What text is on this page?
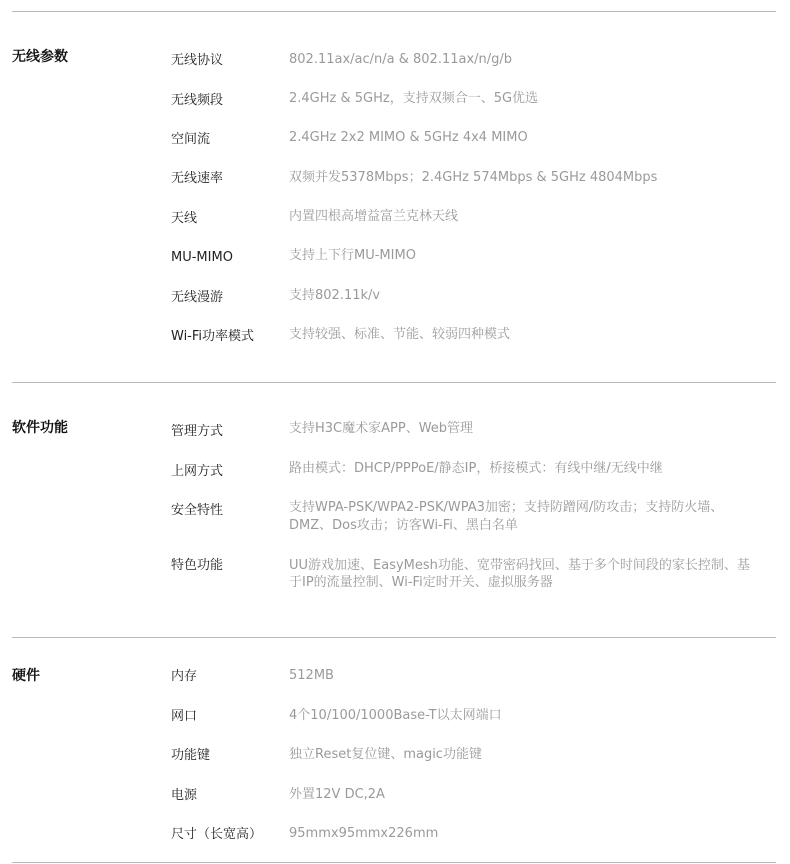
无线参数	无线协议	802.11ax/ac/n/a & 802.11ax/n/g/b
无线频段	2.4GHz & 5GHz，支持双频合一、5G优选
空间流	2.4GHz 2x2 MIMO & 5GHz 4x4 MIMO
无线速率	双频并发5378Mbps；2.4GHz 574Mbps & 5GHz 4804Mbps
天线	内置四根高增益富兰克林天线
MU-MIMO	支持上下行MU-MIMO
无线漫游	支持802.11k/v
Wi-Fi功率模式	支持较强、标准、节能、较弱四种模式
软件功能	管理方式	支持H3C魔术家APP、Web管理
上网方式	路由模式：DHCP/PPPoE/静态IP，桥接模式：有线中继/无线中继
安全特性	支持WPA-PSK/WPA2-PSK/WPA3加密；支持防蹭网/防攻击；支持防火墙、
DMZ、Dos攻击；访客Wi-Fi、黑白名单
特色功能	UU游戏加速、EasyMesh功能、宽带密码找回、基于多个时间段的家长控制、基
于IP的流量控制、Wi-Fi定时开关、虚拟服务器
硬件	内存	512MB
网口	4个10/100/1000Base-T以太网端口
功能键	独立Reset复位键、magic功能键
电源	外置12V DC,2A
尺寸（长宽高） 95mmx95mmx226mm
